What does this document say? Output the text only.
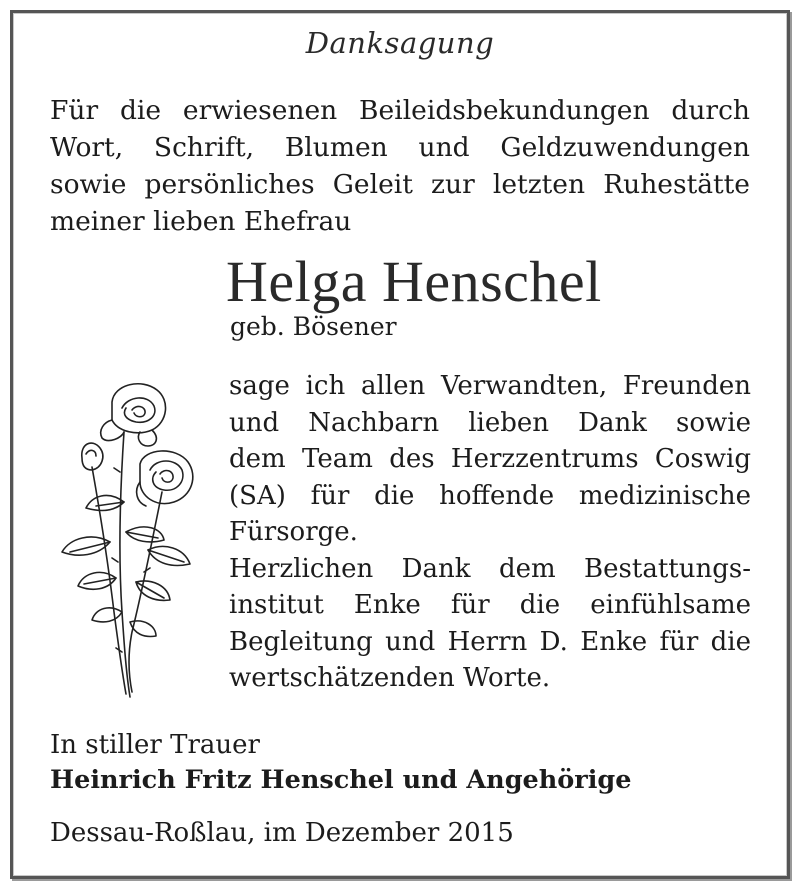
Danksagung
Für die erwiesenen Beileidsbekundungen durch
Wort, Schrift, Blumen und Geldzuwendungen
sowie persönliches Geleit zur letzten Ruhestätte
meiner lieben Ehefrau
Helga Henschel
geb. Bösener
sage ich allen Verwandten, Freunden
und Nachbarn lieben Dank sowie
dem Team des Herzzentrums Coswig
(SA) für die hoffende medizinische
Fürsorge.
Herzlichen Dank dem Bestattungs-
institut Enke für die einfühlsame
Begleitung und Herrn D. Enke für die
wertschätzenden Worte.
In stiller Trauer
Heinrich Fritz Henschel und Angehörige
Dessau-Roßlau, im Dezember 2015
